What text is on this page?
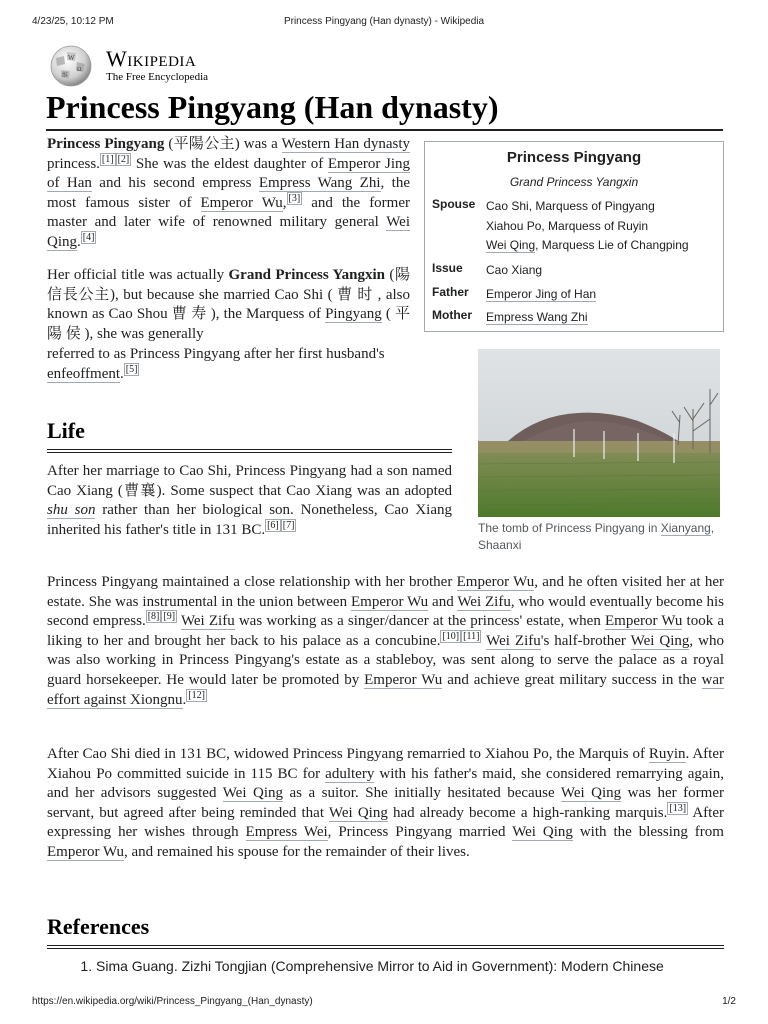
4/23/25, 10:12 PM	Princess Pingyang (Han dynasty) - Wikipedia
W
Ω
维
Wikipedia
The Free Encyclopedia
Princess Pingyang (Han dynasty)

Princess Pingyang (平陽公主) was a Western Han dynasty princess. [1] [2] She was the eldest daughter of Emperor Jing of Han and his second empress Empress Wang Zhi, the most famous sister of Emperor Wu, [3] and the former master and later wife of renowned military general Wei Qing. [4]

Her official title was actually Grand Princess Yangxin (陽信長公主), but because she married Cao Shi ( 曹 时 , also known as Cao Shou 曹 寿 ), the Marquess of Pingyang ( 平 陽 侯 ), she was generally

referred to as Princess Pingyang after her first husband's enfeoffment. [5]

Princess Pingyang
Grand Princess Yangxin
Spouse Cao Shi, Marquess of Pingyang
Xiahou Po, Marquess of Ruyin
Wei Qing, Marquess Lie of Changping
Issue	Cao Xiang
Father	Emperor Jing of Han
Mother	Empress Wang Zhi
The tomb of Princess Pingyang in Xianyang, Shaanxi
Life

After her marriage to Cao Shi, Princess Pingyang had a son named Cao Xiang (曹襄). Some suspect that Cao Xiang was an adopted shu son rather than her biological son. Nonetheless, Cao Xiang inherited his father's title in 131 BC. [6] [7]

Princess Pingyang maintained a close relationship with her brother Emperor Wu, and he often visited her at her estate. She was instrumental in the union between Emperor Wu and Wei Zifu, who would eventually become his second empress. [8] [9] Wei Zifu was working as a singer/dancer at the princess' estate, when Emperor Wu took a liking to her and brought her back to his palace as a concubine. [10] [11] Wei Zifu's half-brother Wei Qing, who was also working in Princess Pingyang's estate as a stableboy, was sent along to serve the palace as a royal guard horsekeeper. He would later be promoted by Emperor Wu and achieve great military success in the war effort against Xiongnu. [12]

After Cao Shi died in 131 BC, widowed Princess Pingyang remarried to Xiahou Po, the Marquis of Ruyin. After Xiahou Po committed suicide in 115 BC for adultery with his father's maid, she considered remarrying again, and her advisors suggested Wei Qing as a suitor. She initially hesitated because Wei Qing was her former servant, but agreed after being reminded that Wei Qing had already become a high-ranking marquis. [13] After expressing her wishes through Empress Wei, Princess Pingyang married Wei Qing with the blessing from Emperor Wu, and remained his spouse for the remainder of their lives.

References
1. Sima Guang. Zizhi Tongjian (Comprehensive Mirror to Aid in Government): Modern Chinese
https://en.wikipedia.org/wiki/Princess_Pingyang_(Han_dynasty)	1/2
